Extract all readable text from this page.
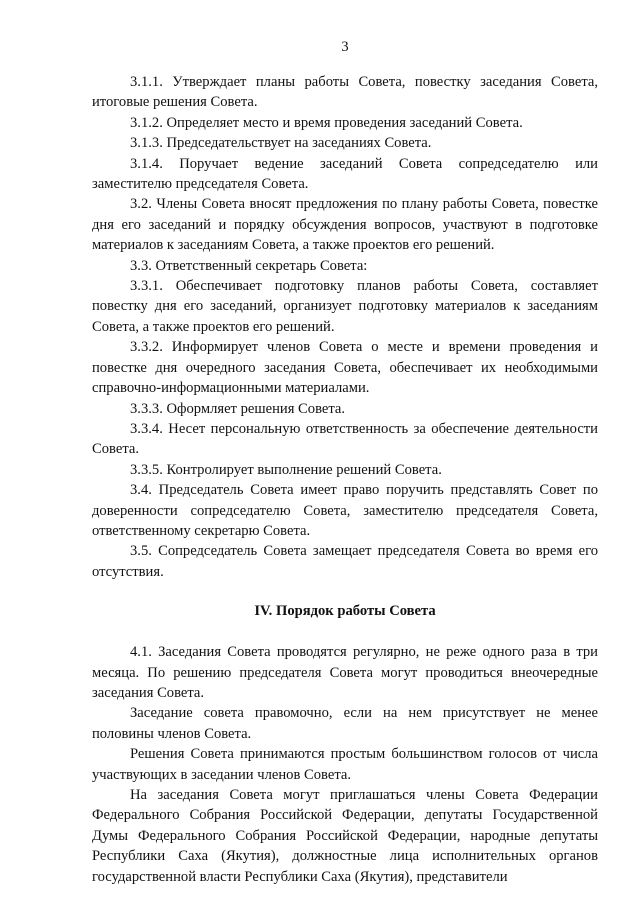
3

3.1.1. Утверждает планы работы Совета, повестку заседания Совета, итоговые решения Совета.

3.1.2. Определяет место и время проведения заседаний Совета.

3.1.3. Председательствует на заседаниях Совета.

3.1.4. Поручает ведение заседаний Совета сопредседателю или заместителю председателя Совета.

3.2. Члены Совета вносят предложения по плану работы Совета, повестке дня его заседаний и порядку обсуждения вопросов, участвуют в подготовке материалов к заседаниям Совета, а также проектов его решений.

3.3. Ответственный секретарь Совета:

3.3.1. Обеспечивает подготовку планов работы Совета, составляет повестку дня его заседаний, организует подготовку материалов к заседаниям Совета, а также проектов его решений.

3.3.2. Информирует членов Совета о месте и времени проведения и повестке дня очередного заседания Совета, обеспечивает их необходимыми справочно-информационными материалами.

3.3.3. Оформляет решения Совета.

3.3.4. Несет персональную ответственность за обеспечение деятельности Совета.

3.3.5. Контролирует выполнение решений Совета.

3.4. Председатель Совета имеет право поручить представлять Совет по доверенности сопредседателю Совета, заместителю председателя Совета, ответственному секретарю Совета.

3.5. Сопредседатель Совета замещает председателя Совета во время его отсутствия.

IV. Порядок работы Совета

4.1. Заседания Совета проводятся регулярно, не реже одного раза в три месяца. По решению председателя Совета могут проводиться внеочередные заседания Совета.

Заседание совета правомочно, если на нем присутствует не менее половины членов Совета.

Решения Совета принимаются простым большинством голосов от числа участвующих в заседании членов Совета.

На заседания Совета могут приглашаться члены Совета Федерации Федерального Собрания Российской Федерации, депутаты Государственной Думы Федерального Собрания Российской Федерации, народные депутаты Республики Саха (Якутия), должностные лица исполнительных органов государственной власти Республики Саха (Якутия), представители
